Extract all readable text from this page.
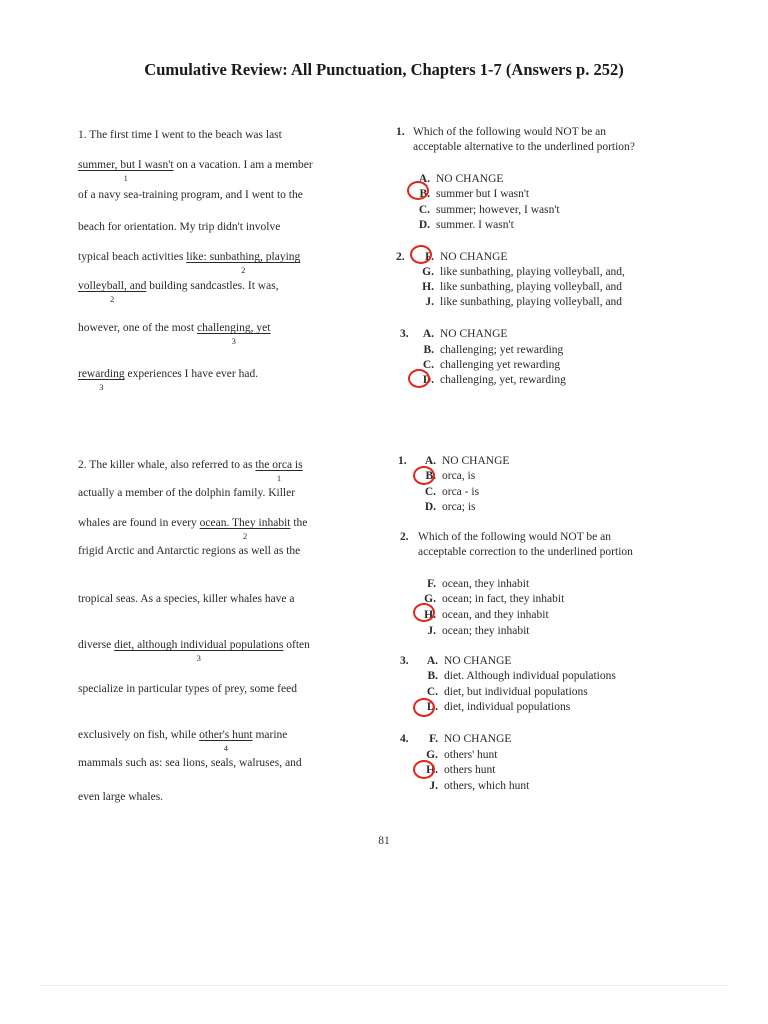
Cumulative Review: All Punctuation, Chapters 1-7 (Answers p. 252)
1. The first time I went to the beach was last
summer, but I wasn't
1
on a vacation. I am a member
of a navy sea-training program, and I went to the
beach for orientation. My trip didn't involve
typical beach activities like: sunbathing, playing
2
volleyball, and
2
building sandcastles. It was,
however, one of the most challenging, yet
3
rewarding
3
experiences I have ever had.
1. Which of the following would NOT be an
acceptable alternative to the underlined portion?
A. NO CHANGE
B. summer but I wasn't
C. summer; however, I wasn't
D. summer. I wasn't
2. F. NO CHANGE
G. like sunbathing, playing volleyball, and,
H. like sunbathing, playing volleyball, and
J. like sunbathing, playing volleyball, and
3. A. NO CHANGE
B. challenging; yet rewarding
C. challenging yet rewarding
D. challenging, yet, rewarding
2. The killer whale, also referred to as the orca is
1
actually a member of the dolphin family. Killer
whales are found in every ocean. They inhabit
2
the
frigid Arctic and Antarctic regions as well as the
tropical seas. As a species, killer whales have a
diverse diet, although individual populations
3
often
specialize in particular types of prey, some feed
exclusively on fish, while other's hunt
4
marine
mammals such as: sea lions, seals, walruses, and
even large whales.
1. A. NO CHANGE
B. orca, is
C. orca - is
D. orca; is
2. Which of the following would NOT be an
acceptable correction to the underlined portion
F. ocean, they inhabit
G. ocean; in fact, they inhabit
H. ocean, and they inhabit
J. ocean; they inhabit
3. A. NO CHANGE
B. diet. Although individual populations
C. diet, but individual populations
D. diet, individual populations
4. F. NO CHANGE
G. others' hunt
H. others hunt
J. others, which hunt
81
